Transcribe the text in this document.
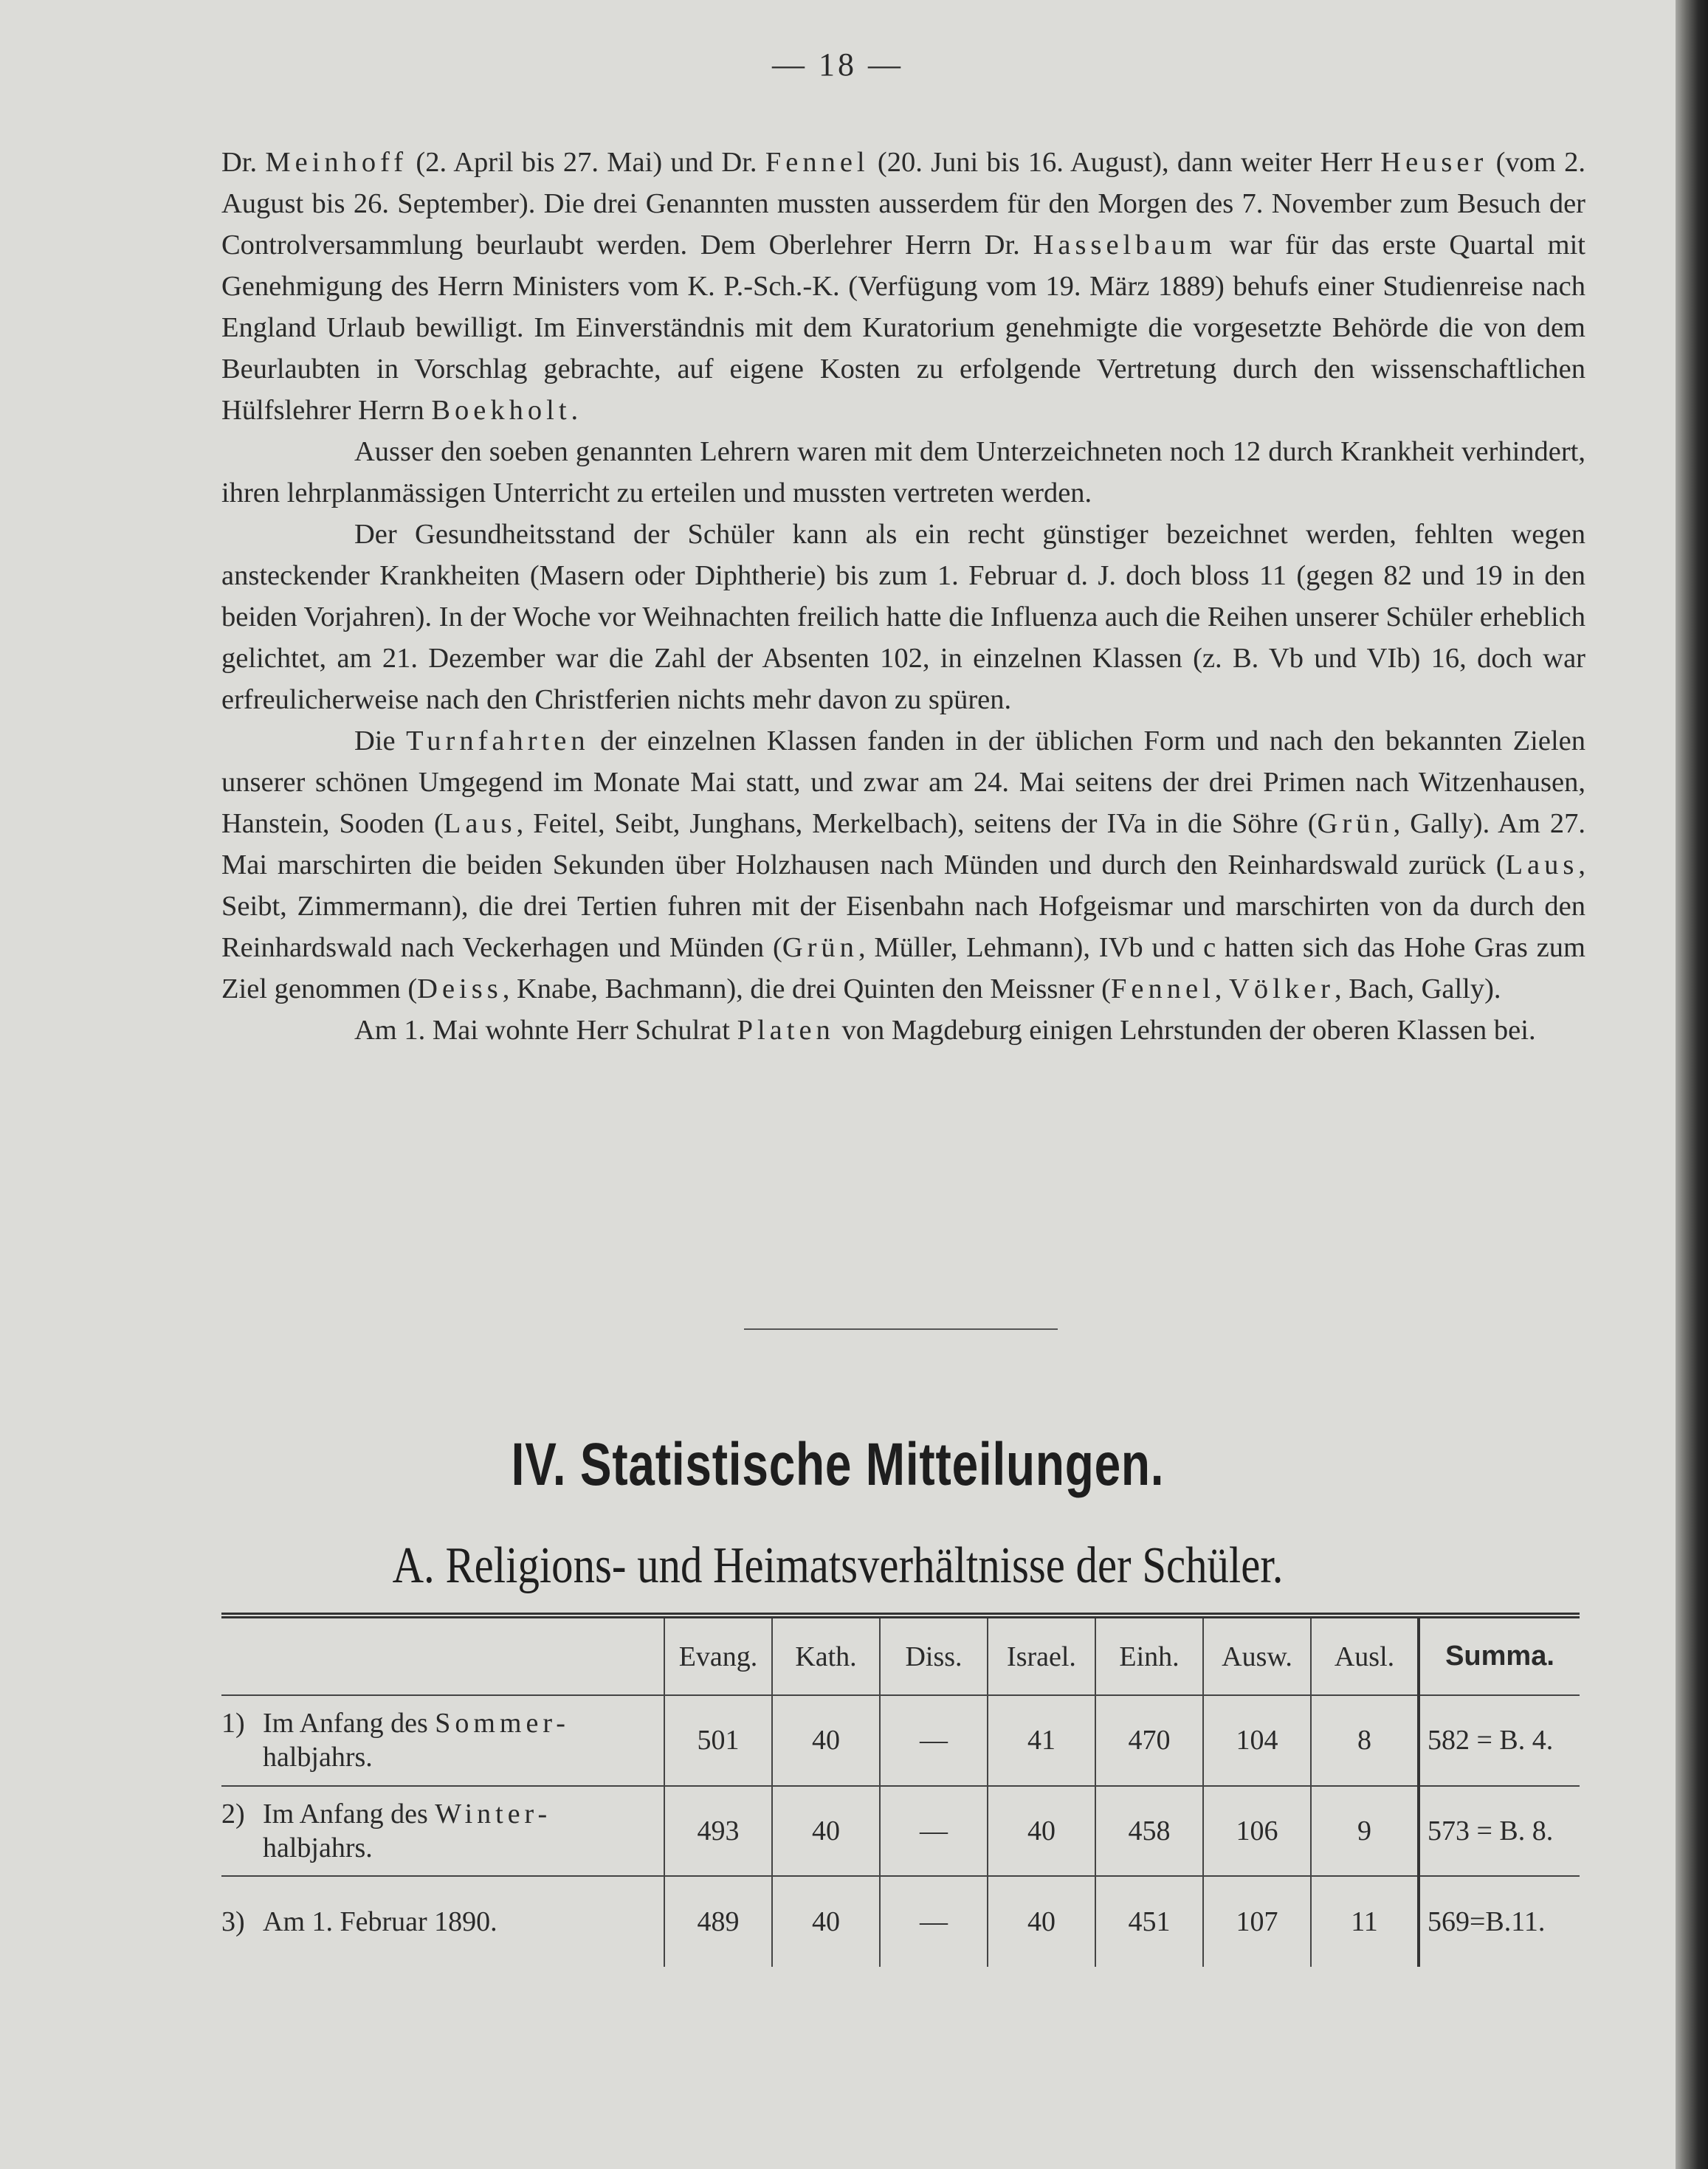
— 18 —

Dr. Meinhoff (2. April bis 27. Mai) und Dr. Fennel (20. Juni bis 16. August), dann weiter Herr Heuser (vom 2. August bis 26. September). Die drei Genannten mussten ausserdem für den Morgen des 7. November zum Besuch der Controlversammlung beurlaubt werden. Dem Oberlehrer Herrn Dr. Hasselbaum war für das erste Quartal mit Genehmigung des Herrn Ministers vom K. P.-Sch.-K. (Verfügung vom 19. März 1889) behufs einer Studienreise nach England Urlaub bewilligt. Im Einverständnis mit dem Kuratorium genehmigte die vorgesetzte Behörde die von dem Beurlaubten in Vorschlag gebrachte, auf eigene Kosten zu erfolgende Vertretung durch den wissenschaftlichen Hülfslehrer Herrn Boekholt.

Ausser den soeben genannten Lehrern waren mit dem Unterzeichneten noch 12 durch Krankheit verhindert, ihren lehrplanmässigen Unterricht zu erteilen und mussten vertreten werden.

Der Gesundheitsstand der Schüler kann als ein recht günstiger bezeichnet werden, fehlten wegen ansteckender Krankheiten (Masern oder Diphtherie) bis zum 1. Februar d. J. doch bloss 11 (gegen 82 und 19 in den beiden Vorjahren). In der Woche vor Weihnachten freilich hatte die Influenza auch die Reihen unserer Schüler erheblich gelichtet, am 21. Dezember war die Zahl der Absenten 102, in einzelnen Klassen (z. B. Vb und VIb) 16, doch war erfreulicherweise nach den Christferien nichts mehr davon zu spüren.

Die Turnfahrten der einzelnen Klassen fanden in der üblichen Form und nach den bekannten Zielen unserer schönen Umgegend im Monate Mai statt, und zwar am 24. Mai seitens der drei Primen nach Witzenhausen, Hanstein, Sooden (Laus, Feitel, Seibt, Junghans, Merkelbach), seitens der IVa in die Söhre (Grün, Gally). Am 27. Mai marschirten die beiden Sekunden über Holzhausen nach Münden und durch den Reinhardswald zurück (Laus, Seibt, Zimmermann), die drei Tertien fuhren mit der Eisenbahn nach Hofgeismar und marschirten von da durch den Reinhardswald nach Veckerhagen und Münden (Grün, Müller, Lehmann), IVb und c hatten sich das Hohe Gras zum Ziel genommen (Deiss, Knabe, Bachmann), die drei Quinten den Meissner (Fennel, Völker, Bach, Gally).

Am 1. Mai wohnte Herr Schulrat Platen von Magdeburg einigen Lehrstunden der oberen Klassen bei.

IV. Statistische Mitteilungen.
A. Religions- und Heimatsverhältnisse der Schüler.
	Evang.	Kath.	Diss.	Israel.	Einh.	Ausw.	Ausl.	Summa.
1) Im Anfang des Sommer-
halbjahrs.	501	40	—	41	470	104	8	582 = B. 4.
2) Im Anfang des Winter-
halbjahrs.	493	40	—	40	458	106	9	573 = B. 8.
3) Am 1. Februar 1890.	489	40	—	40	451	107	11	569=B.11.
